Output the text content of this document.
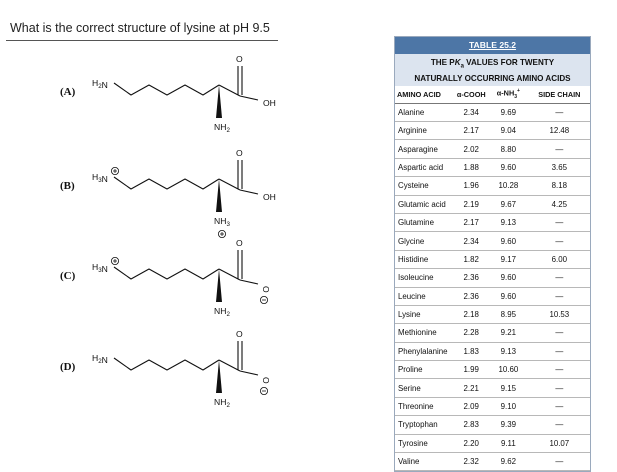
What is the correct structure of lysine at pH 9.5
(A)
$H_2N$
O
OH
$NH_2$
(B)
$H_3N$
O
OH
$NH_3$
(C)
$H_3N$
O
O
$NH_2$
(D)
$H_2N$
O
O
$NH_2$
TABLE 25.2
THE $PK_a$ VALUES FOR TWENTY
NATURALLY OCCURRING AMINO ACIDS
AMINO ACID	α-COOH	$\alpha-NH_3^+$	SIDE CHAIN
Alanine	2.34	9.69	—
Arginine	2.17	9.04	12.48
Asparagine	2.02	8.80	—
Aspartic acid	1.88	9.60	3.65
Cysteine	1.96	10.28	8.18
Glutamic acid	2.19	9.67	4.25
Glutamine	2.17	9.13	—
Glycine	2.34	9.60	—
Histidine	1.82	9.17	6.00
Isoleucine	2.36	9.60	—
Leucine	2.36	9.60	—
Lysine	2.18	8.95	10.53
Methionine	2.28	9.21	—
Phenylalanine	1.83	9.13	—
Proline	1.99	10.60	—
Serine	2.21	9.15	—
Threonine	2.09	9.10	—
Tryptophan	2.83	9.39	—
Tyrosine	2.20	9.11	10.07
Valine	2.32	9.62	—
